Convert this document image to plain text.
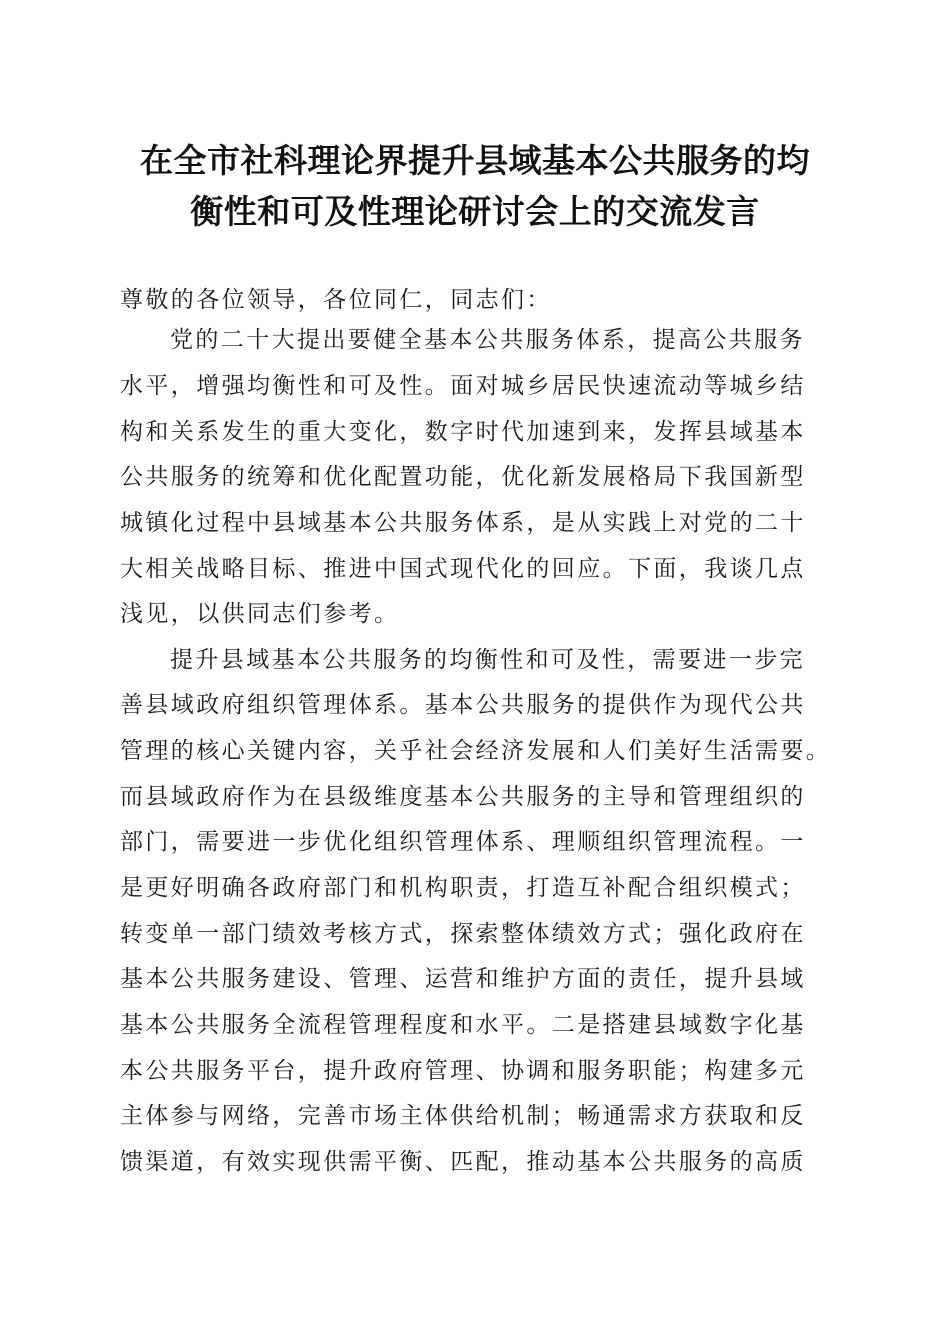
在全市社科理论界提升县域基本公共服务的均
衡性和可及性理论研讨会上的交流发言
尊敬的各位领导，各位同仁，同志们：
党的二十大提出要健全基本公共服务体系，提高公共服务
水平，增强均衡性和可及性。面对城乡居民快速流动等城乡结
构和关系发生的重大变化，数字时代加速到来，发挥县域基本
公共服务的统筹和优化配置功能，优化新发展格局下我国新型
城镇化过程中县域基本公共服务体系，是从实践上对党的二十
大相关战略目标、推进中国式现代化的回应。下面，我谈几点
浅见，以供同志们参考。
提升县域基本公共服务的均衡性和可及性，需要进一步完
善县域政府组织管理体系。基本公共服务的提供作为现代公共
管理的核心关键内容，关乎社会经济发展和人们美好生活需要。
而县域政府作为在县级维度基本公共服务的主导和管理组织的
部门，需要进一步优化组织管理体系、理顺组织管理流程。一
是更好明确各政府部门和机构职责，打造互补配合组织模式；
转变单一部门绩效考核方式，探索整体绩效方式；强化政府在
基本公共服务建设、管理、运营和维护方面的责任，提升县域
基本公共服务全流程管理程度和水平。二是搭建县域数字化基
本公共服务平台，提升政府管理、协调和服务职能；构建多元
主体参与网络，完善市场主体供给机制；畅通需求方获取和反
馈渠道，有效实现供需平衡、匹配，推动基本公共服务的高质
